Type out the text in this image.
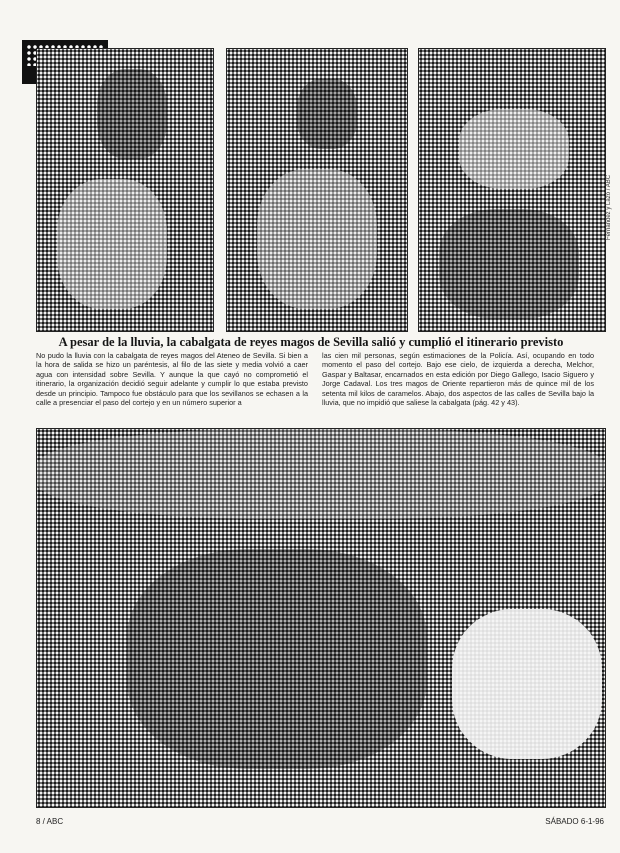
Fernández y Lazo / ABC
A pesar de la lluvia, la cabalgata de reyes magos de Sevilla salió y cumplió el itinerario previsto
No pudo la lluvia con la cabalgata de reyes magos del Ateneo de Sevilla. Si bien a la hora de salida se hizo un paréntesis, al filo de las siete y media volvió a caer agua con intensidad sobre Sevilla. Y aunque la que cayó no comprometió el itinerario, la organización decidió seguir adelante y cumplir lo que estaba previsto desde un principio. Tampoco fue obstáculo para que los sevillanos se echasen a la calle a presenciar el paso del cortejo y en un número superior a
las cien mil personas, según estimaciones de la Policía. Así, ocupando en todo momento el paso del cortejo. Bajo ese cielo, de izquierda a derecha, Melchor, Gaspar y Baltasar, encarnados en esta edición por Diego Gallego, Isacio Siguero y Jorge Cadaval. Los tres magos de Oriente repartieron más de quince mil de los setenta mil kilos de caramelos. Abajo, dos aspectos de las calles de Sevilla bajo la lluvia, que no impidió que saliese la cabalgata (pág. 42 y 43).
8 / ABC	SÁBADO 6-1-96
